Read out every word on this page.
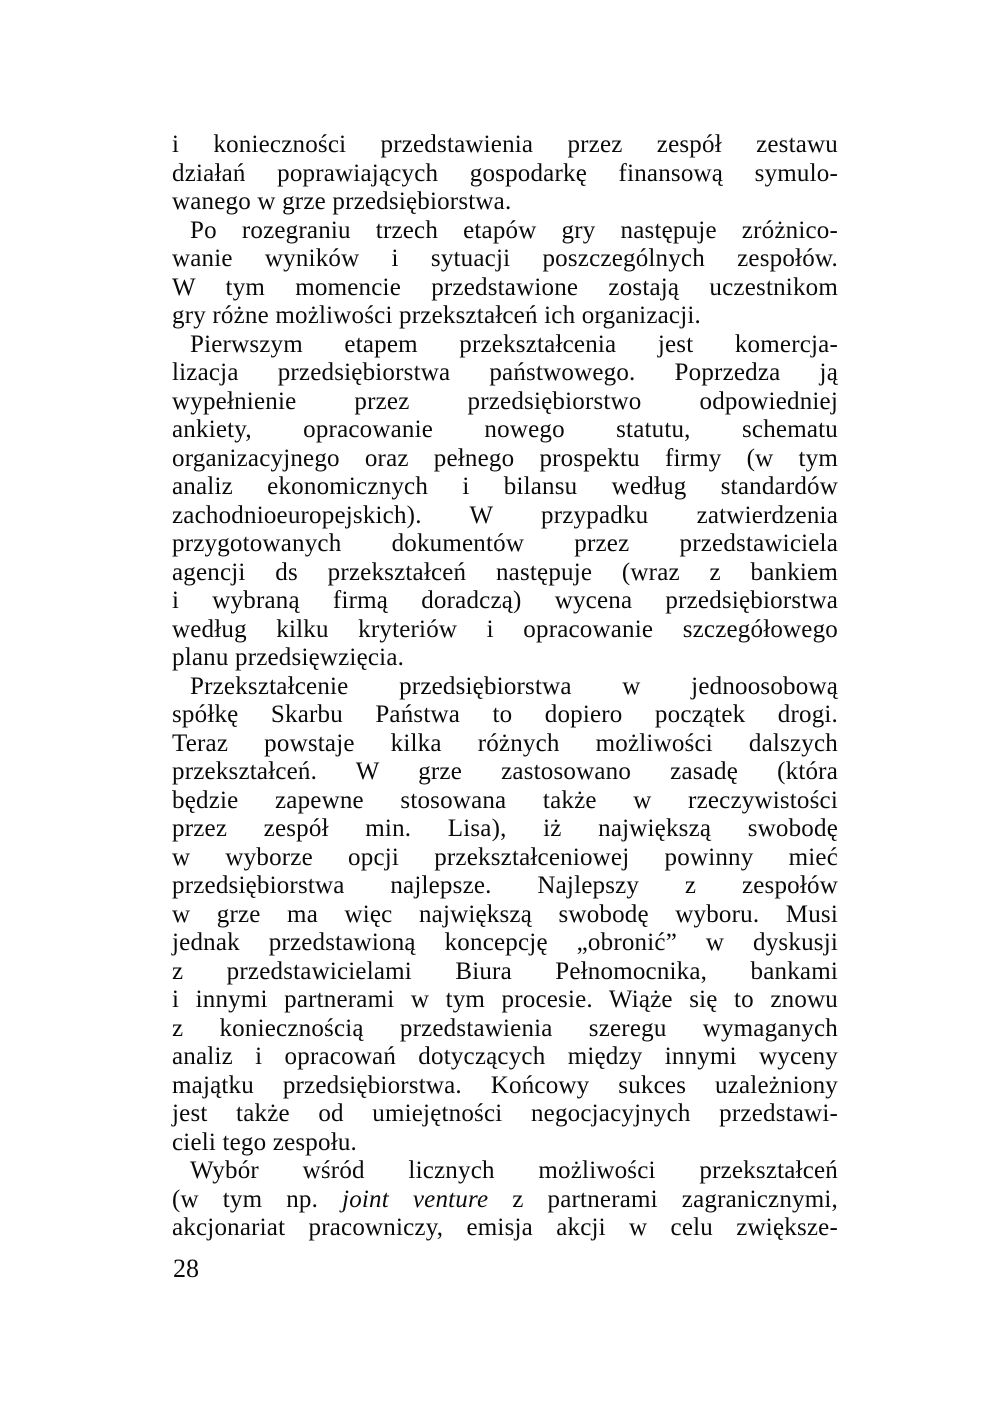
i konieczności przedstawienia przez zespół zestawu
działań poprawiających gospodarkę finansową symulo-
wanego w grze przedsiębiorstwa.
Po rozegraniu trzech etapów gry następuje zróżnico-
wanie wyników i sytuacji poszczególnych zespołów.
W tym momencie przedstawione zostają uczestnikom
gry różne możliwości przekształceń ich organizacji.
Pierwszym etapem przekształcenia jest komercja-
lizacja przedsiębiorstwa państwowego. Poprzedza ją
wypełnienie przez przedsiębiorstwo odpowiedniej
ankiety, opracowanie nowego statutu, schematu
organizacyjnego oraz pełnego prospektu firmy (w tym
analiz ekonomicznych i bilansu według standardów
zachodnioeuropejskich). W przypadku zatwierdzenia
przygotowanych dokumentów przez przedstawiciela
agencji ds przekształceń następuje (wraz z bankiem
i wybraną firmą doradczą) wycena przedsiębiorstwa
według kilku kryteriów i opracowanie szczegółowego
planu przedsięwzięcia.
Przekształcenie przedsiębiorstwa w jednoosobową
spółkę Skarbu Państwa to dopiero początek drogi.
Teraz powstaje kilka różnych możliwości dalszych
przekształceń. W grze zastosowano zasadę (która
będzie zapewne stosowana także w rzeczywistości
przez zespół min. Lisa), iż największą swobodę
w wyborze opcji przekształceniowej powinny mieć
przedsiębiorstwa najlepsze. Najlepszy z zespołów
w grze ma więc największą swobodę wyboru. Musi
jednak przedstawioną koncepcję „obronić” w dyskusji
z przedstawicielami Biura Pełnomocnika, bankami
i innymi partnerami w tym procesie. Wiąże się to znowu
z koniecznością przedstawienia szeregu wymaganych
analiz i opracowań dotyczących między innymi wyceny
majątku przedsiębiorstwa. Końcowy sukces uzależniony
jest także od umiejętności negocjacyjnych przedstawi-
cieli tego zespołu.
Wybór wśród licznych możliwości przekształceń
(w tym np. joint venture z partnerami zagranicznymi,
akcjonariat pracowniczy, emisja akcji w celu zwiększe-
28
